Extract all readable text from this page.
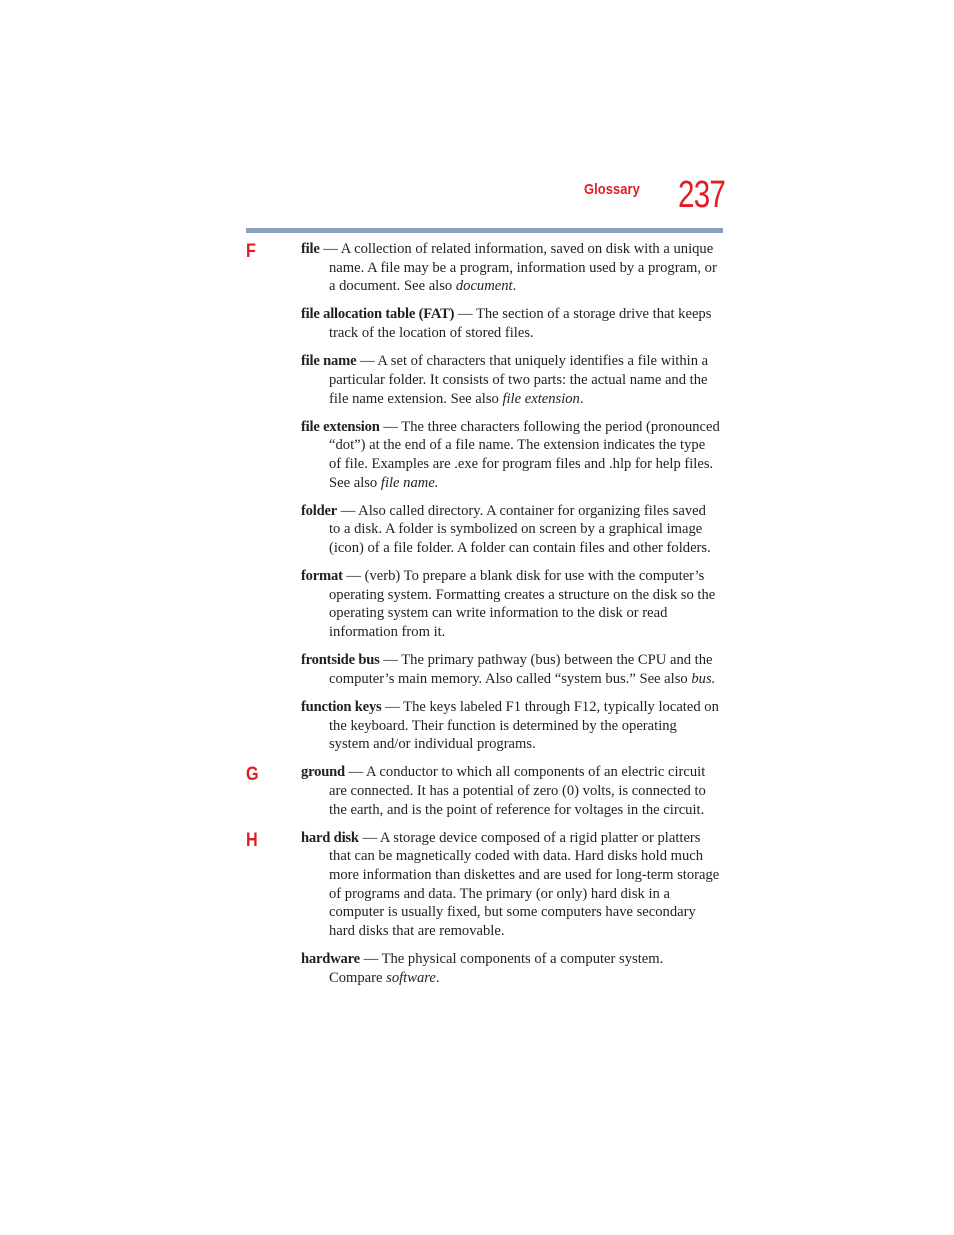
Glossary 237
F	file — A collection of related information, saved on disk with a unique name. A file may be a program, information used by a program, or a document. See also document.

file allocation table (FAT) — The section of a storage drive that keeps track of the location of stored files.

file name — A set of characters that uniquely identifies a file within a particular folder. It consists of two parts: the actual name and the file name extension. See also file extension.

file extension — The three characters following the period (pronounced “dot”) at the end of a file name. The extension indicates the type of file. Examples are .exe for program files and .hlp for help files. See also file name.

folder — Also called directory. A container for organizing files saved to a disk. A folder is symbolized on screen by a graphical image (icon) of a file folder. A folder can contain files and other folders.

format — (verb) To prepare a blank disk for use with the computer’s operating system. Formatting creates a structure on the disk so the operating system can write information to the disk or read information from it.

frontside bus — The primary pathway (bus) between the CPU and the computer’s main memory. Also called “system bus.” See also bus.

function keys — The keys labeled F1 through F12, typically located on the keyboard. Their function is determined by the operating system and/or individual programs.

G	ground — A conductor to which all components of an electric circuit are connected. It has a potential of zero (0) volts, is connected to the earth, and is the point of reference for voltages in the circuit.

H	hard disk — A storage device composed of a rigid platter or platters that can be magnetically coded with data. Hard disks hold much more information than diskettes and are used for long-term storage of programs and data. The primary (or only) hard disk in a computer is usually fixed, but some computers have secondary hard disks that are removable.

hardware — The physical components of a computer system. Compare software.
